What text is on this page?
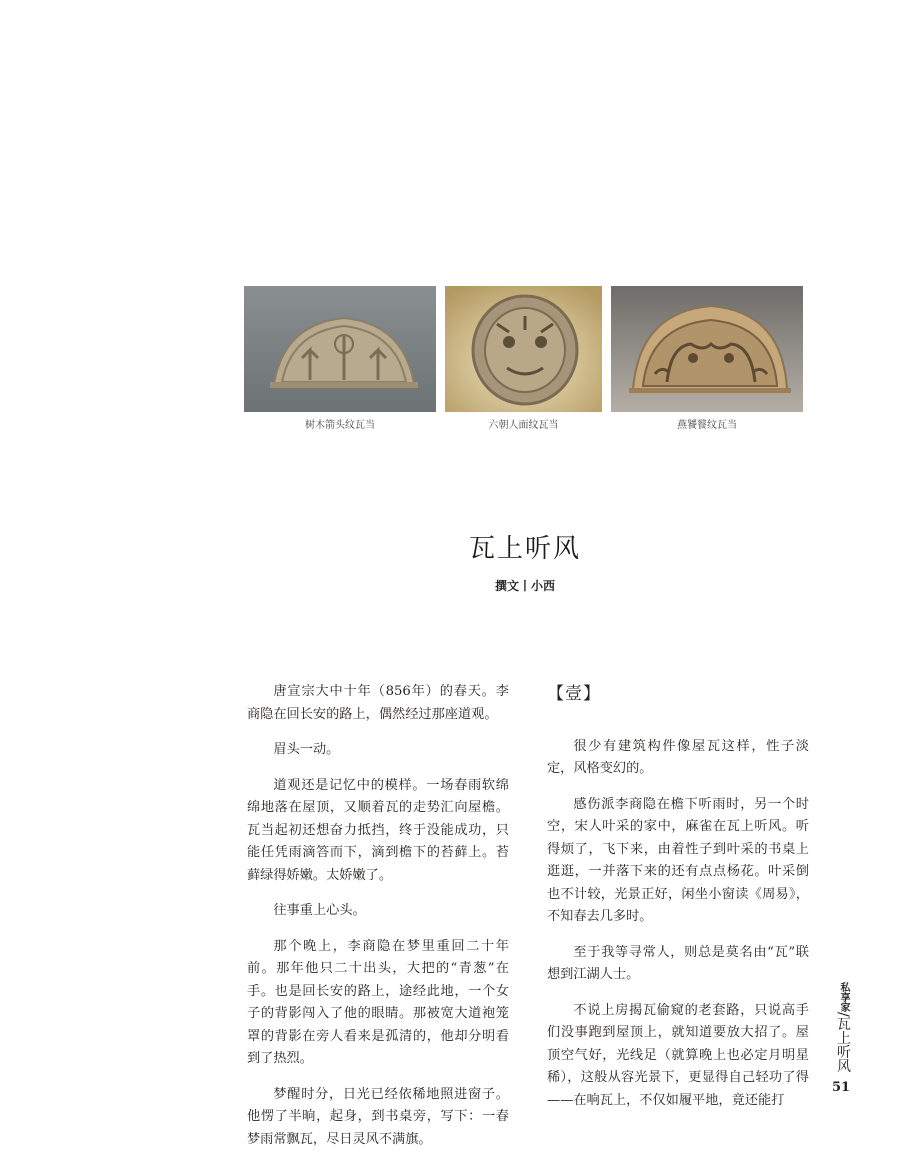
树木箭头纹瓦当	六朝人面纹瓦当	燕饕餮纹瓦当
瓦上听风
撰文丨小西

唐宣宗大中十年（856年）的春天。李商隐在回长安的路上，偶然经过那座道观。

眉头一动。

道观还是记忆中的模样。一场春雨软绵绵地落在屋顶，又顺着瓦的走势汇向屋檐。瓦当起初还想奋力抵挡，终于没能成功，只能任凭雨滴答而下，滴到檐下的苔藓上。苔藓绿得娇嫩。太娇嫩了。

往事重上心头。

那个晚上，李商隐在梦里重回二十年前。那年他只二十出头，大把的“青葱”在手。也是回长安的路上，途经此地，一个女子的背影闯入了他的眼睛。那被宽大道袍笼罩的背影在旁人看来是孤清的，他却分明看到了热烈。

梦醒时分，日光已经依稀地照进窗子。他愣了半晌，起身，到书桌旁，写下：一春梦雨常飘瓦，尽日灵风不满旗。

【壹】

很少有建筑构件像屋瓦这样，性子淡定，风格变幻的。

感伤派李商隐在檐下听雨时，另一个时空，宋人叶采的家中，麻雀在瓦上听风。听得烦了，飞下来，由着性子到叶采的书桌上逛逛，一并落下来的还有点点杨花。叶采倒也不计较，光景正好，闲坐小窗读《周易》，不知春去几多时。

至于我等寻常人，则总是莫名由“瓦”联想到江湖人士。

不说上房揭瓦偷窥的老套路，只说高手们没事跑到屋顶上，就知道要放大招了。屋顶空气好，光线足（就算晚上也必定月明星稀），这般从容光景下，更显得自己轻功了得——在响瓦上，不仅如履平地，竟还能打

私享家/瓦上听风
51
